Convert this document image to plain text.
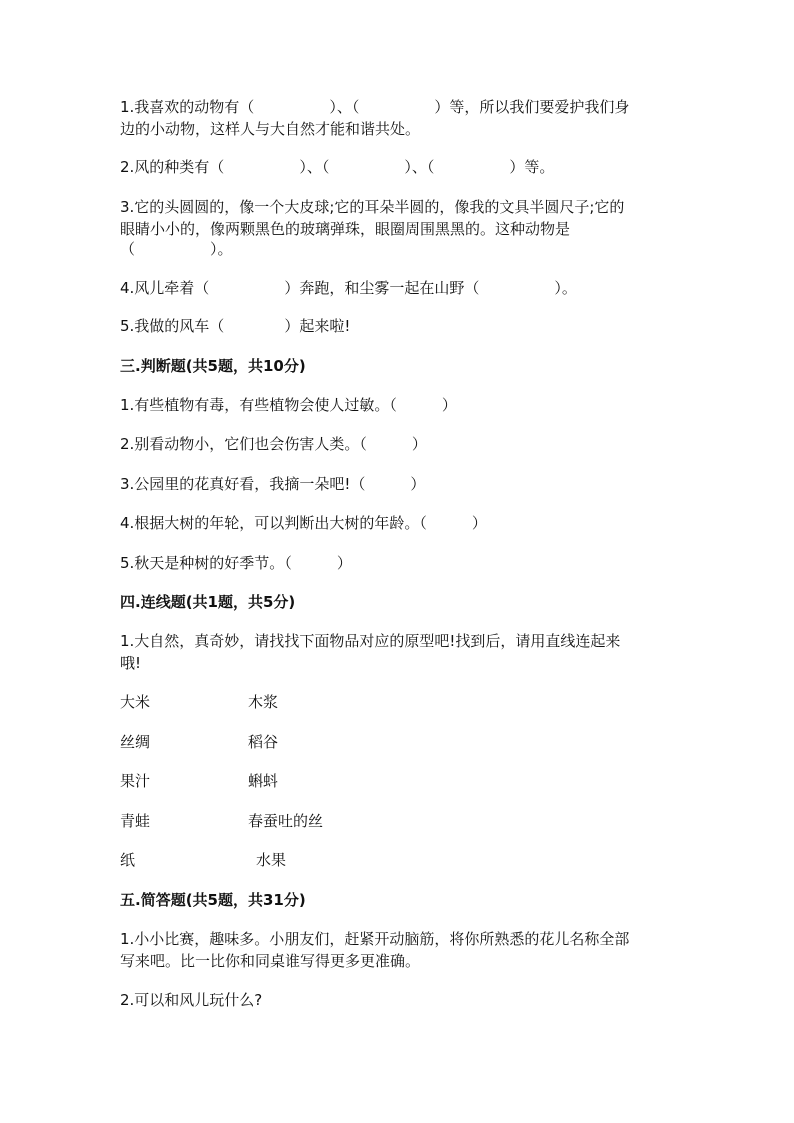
1.我喜欢的动物有（　　　　　）、（　　　　　）等，所以我们要爱护我们身
边的小动物，这样人与大自然才能和谐共处。
2.风的种类有（　　　　　）、（　　　　　）、（　　　　　）等。
3.它的头圆圆的，像一个大皮球;它的耳朵半圆的，像我的文具半圆尺子;它的
眼睛小小的，像两颗黑色的玻璃弹珠，眼圈周围黑黑的。这种动物是
（　　　　　）。
4.风儿牵着（　　　　　）奔跑，和尘雾一起在山野（　　　　　）。
5.我做的风车（　　　　）起来啦!
三.判断题(共5题，共10分)
1.有些植物有毒，有些植物会使人过敏。（　　　）
2.别看动物小，它们也会伤害人类。（　　　）
3.公园里的花真好看，我摘一朵吧!（　　　）
4.根据大树的年轮，可以判断出大树的年龄。（　　　）
5.秋天是种树的好季节。（　　　）
四.连线题(共1题，共5分)
1.大自然，真奇妙，请找找下面物品对应的原型吧!找到后，请用直线连起来
哦!
大米	木浆
丝绸	稻谷
果汁	蝌蚪
青蛙	春蚕吐的丝
纸	水果
五.简答题(共5题，共31分)
1.小小比赛，趣味多。小朋友们，赶紧开动脑筋，将你所熟悉的花儿名称全部
写来吧。比一比你和同桌谁写得更多更准确。
2.可以和风儿玩什么?
